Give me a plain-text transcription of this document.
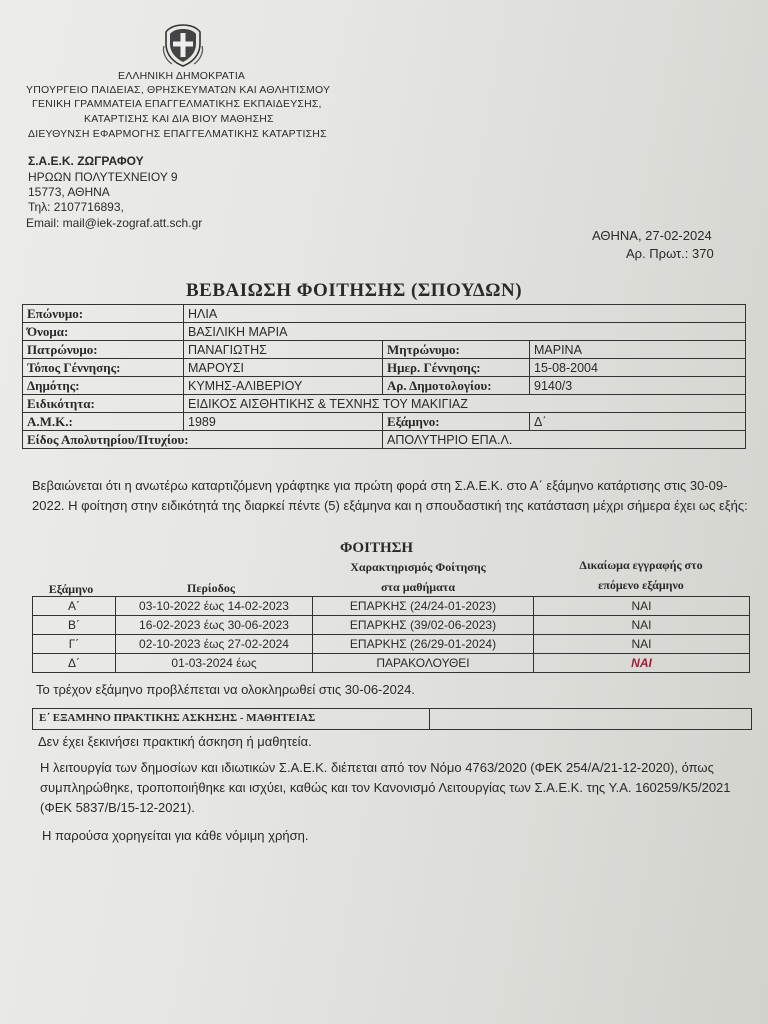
ΕΛΛΗΝΙΚΗ ΔΗΜΟΚΡΑΤΙΑ
ΥΠΟΥΡΓΕΙΟ ΠΑΙΔΕΙΑΣ, ΘΡΗΣΚΕΥΜΑΤΩΝ ΚΑΙ ΑΘΛΗΤΙΣΜΟΥ
ΓΕΝΙΚΗ ΓΡΑΜΜΑΤΕΙΑ ΕΠΑΓΓΕΛΜΑΤΙΚΗΣ ΕΚΠΑΙΔΕΥΣΗΣ,
ΚΑΤΑΡΤΙΣΗΣ ΚΑΙ ΔΙΑ ΒΙΟΥ ΜΑΘΗΣΗΣ
ΔΙΕΥΘΥΝΣΗ ΕΦΑΡΜΟΓΗΣ ΕΠΑΓΓΕΛΜΑΤΙΚΗΣ ΚΑΤΑΡΤΙΣΗΣ
Σ.Α.Ε.Κ. ΖΩΓΡΑΦΟΥ
ΗΡΩΩΝ ΠΟΛΥΤΕΧΝΕΙΟΥ 9
15773, ΑΘΗΝΑ
Τηλ: 2107716893,
Email: mail@iek-zograf.att.sch.gr
ΑΘΗΝΑ, 27-02-2024
Αρ. Πρωτ.: 370
ΒΕΒΑΙΩΣΗ ΦΟΙΤΗΣΗΣ (ΣΠΟΥΔΩΝ)
Επώνυμο:	ΗΛΙΑ		
Όνομα:	ΒΑΣΙΛΙΚΗ ΜΑΡΙΑ		
Πατρώνυμο:	ΠΑΝΑΓΙΩΤΗΣ	Μητρώνυμο:	ΜΑΡΙΝΑ
Τόπος Γέννησης:	ΜΑΡΟΥΣΙ	Ημερ. Γέννησης:	15-08-2004
Δημότης:	ΚΥΜΗΣ-ΑΛΙΒΕΡΙΟΥ	Αρ. Δημοτολογίου:	9140/3
Ειδικότητα:	ΕΙΔΙΚΟΣ ΑΙΣΘΗΤΙΚΗΣ & ΤΕΧΝΗΣ ΤΟΥ ΜΑΚΙΓΙΑΖ		
Α.Μ.Κ.:	1989	Εξάμηνο:	Δ΄
Είδος Απολυτηρίου/Πτυχίου:		ΑΠΟΛΥΤΗΡΙΟ ΕΠΑ.Λ.	

Βεβαιώνεται ότι η ανωτέρω καταρτιζόμενη γράφτηκε για πρώτη φορά στη Σ.Α.Ε.Κ. στο Α΄ εξάμηνο κατάρτισης στις 30-09-2022. Η φοίτηση στην ειδικότητά της διαρκεί πέντε (5) εξάμηνα και η σπουδαστική της κατάσταση μέχρι σήμερα έχει ως εξής:

ΦΟΙΤΗΣΗ
Χαρακτηρισμός Φοίτησης	Δικαίωμα εγγραφής στο
Εξάμηνο	Περίοδος	στα μαθήματα	επόμενο εξάμηνο
Α΄	03-10-2022 έως 14-02-2023	ΕΠΑΡΚΗΣ (24/24-01-2023)	ΝΑΙ
Β΄	16-02-2023 έως 30-06-2023	ΕΠΑΡΚΗΣ (39/02-06-2023)	ΝΑΙ
Γ΄	02-10-2023 έως 27-02-2024	ΕΠΑΡΚΗΣ (26/29-01-2024)	ΝΑΙ
Δ΄	01-03-2024 έως	ΠΑΡΑΚΟΛΟΥΘΕΙ	ΝΑΙ
Το τρέχον εξάμηνο προβλέπεται να ολοκληρωθεί στις 30-06-2024.
Ε΄ ΕΞΑΜΗΝΟ ΠΡΑΚΤΙΚΗΣ ΑΣΚΗΣΗΣ - ΜΑΘΗΤΕΙΑΣ
Δεν έχει ξεκινήσει πρακτική άσκηση ή μαθητεία.

Η λειτουργία των δημοσίων και ιδιωτικών Σ.Α.Ε.Κ. διέπεται από τον Νόμο 4763/2020 (ΦΕΚ 254/Α/21-12-2020), όπως συμπληρώθηκε, τροποποιήθηκε και ισχύει, καθώς και τον Κανονισμό Λειτουργίας των Σ.Α.Ε.Κ. της Υ.Α. 160259/Κ5/2021 (ΦΕΚ 5837/Β/15-12-2021).

Η παρούσα χορηγείται για κάθε νόμιμη χρήση.
